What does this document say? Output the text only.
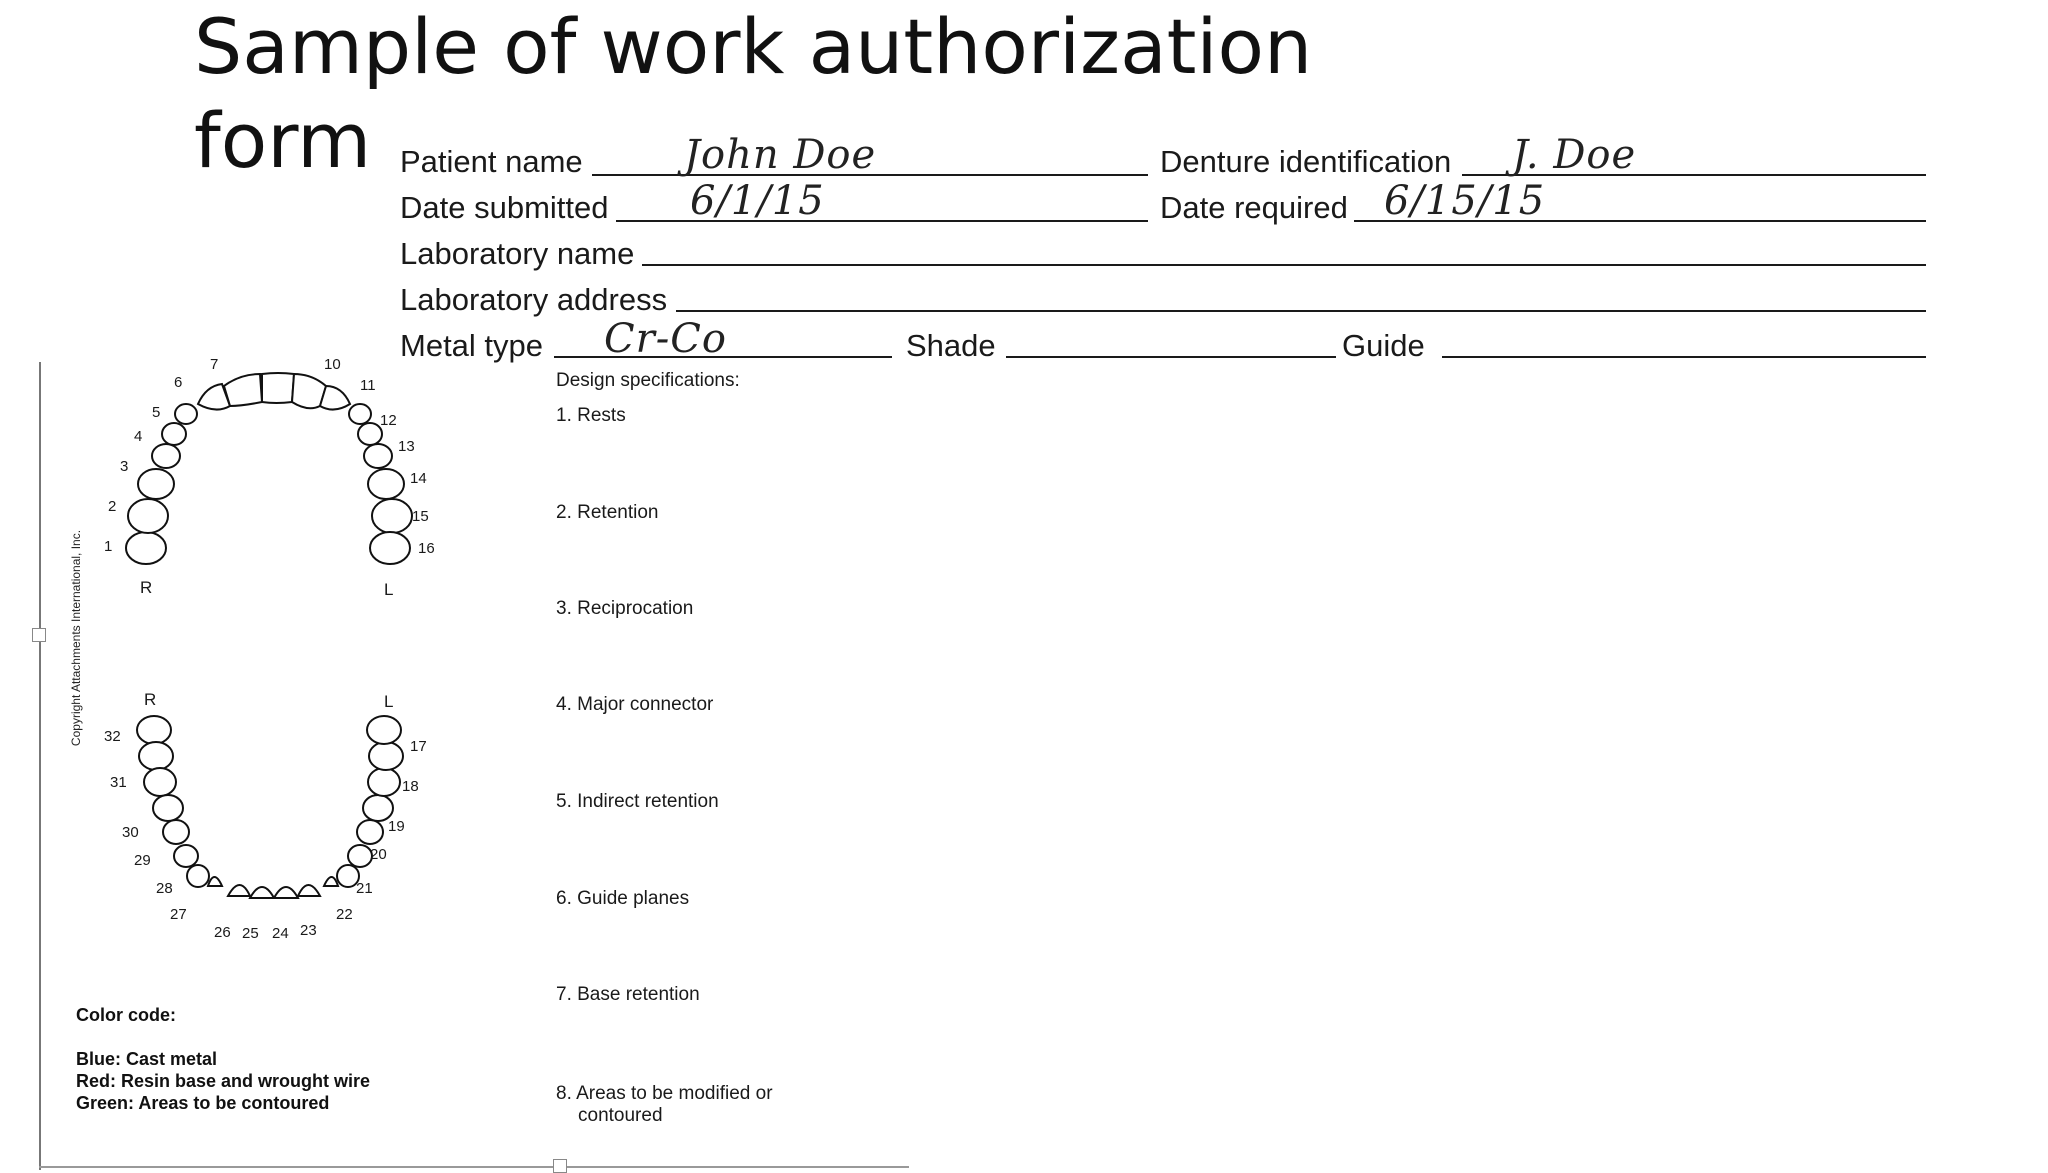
Sample of work authorization form Patient name	John Doe	Denture identification J. Doe
Date submitted 6/1/15	Date required 6/15/15
Laboratory name
Laboratory address
Metal type Cr-Co	Shade	Guide
Copyright Attachments International, Inc. 1
2
3
4
5
6
7	10
11
12
13
14
15
16
R	L
R	L
32
31
30
29
28
27
26 25 24 23
22
21
20
19
18
17
Color code:
Blue: Cast metal
Red: Resin base and wrought wire
Green: Areas to be contoured
Design specifications:
1. Rests
2. Retention
3. Reciprocation
4. Major connector
5. Indirect retention
6. Guide planes
7. Base retention
8. Areas to be modified or
contoured
